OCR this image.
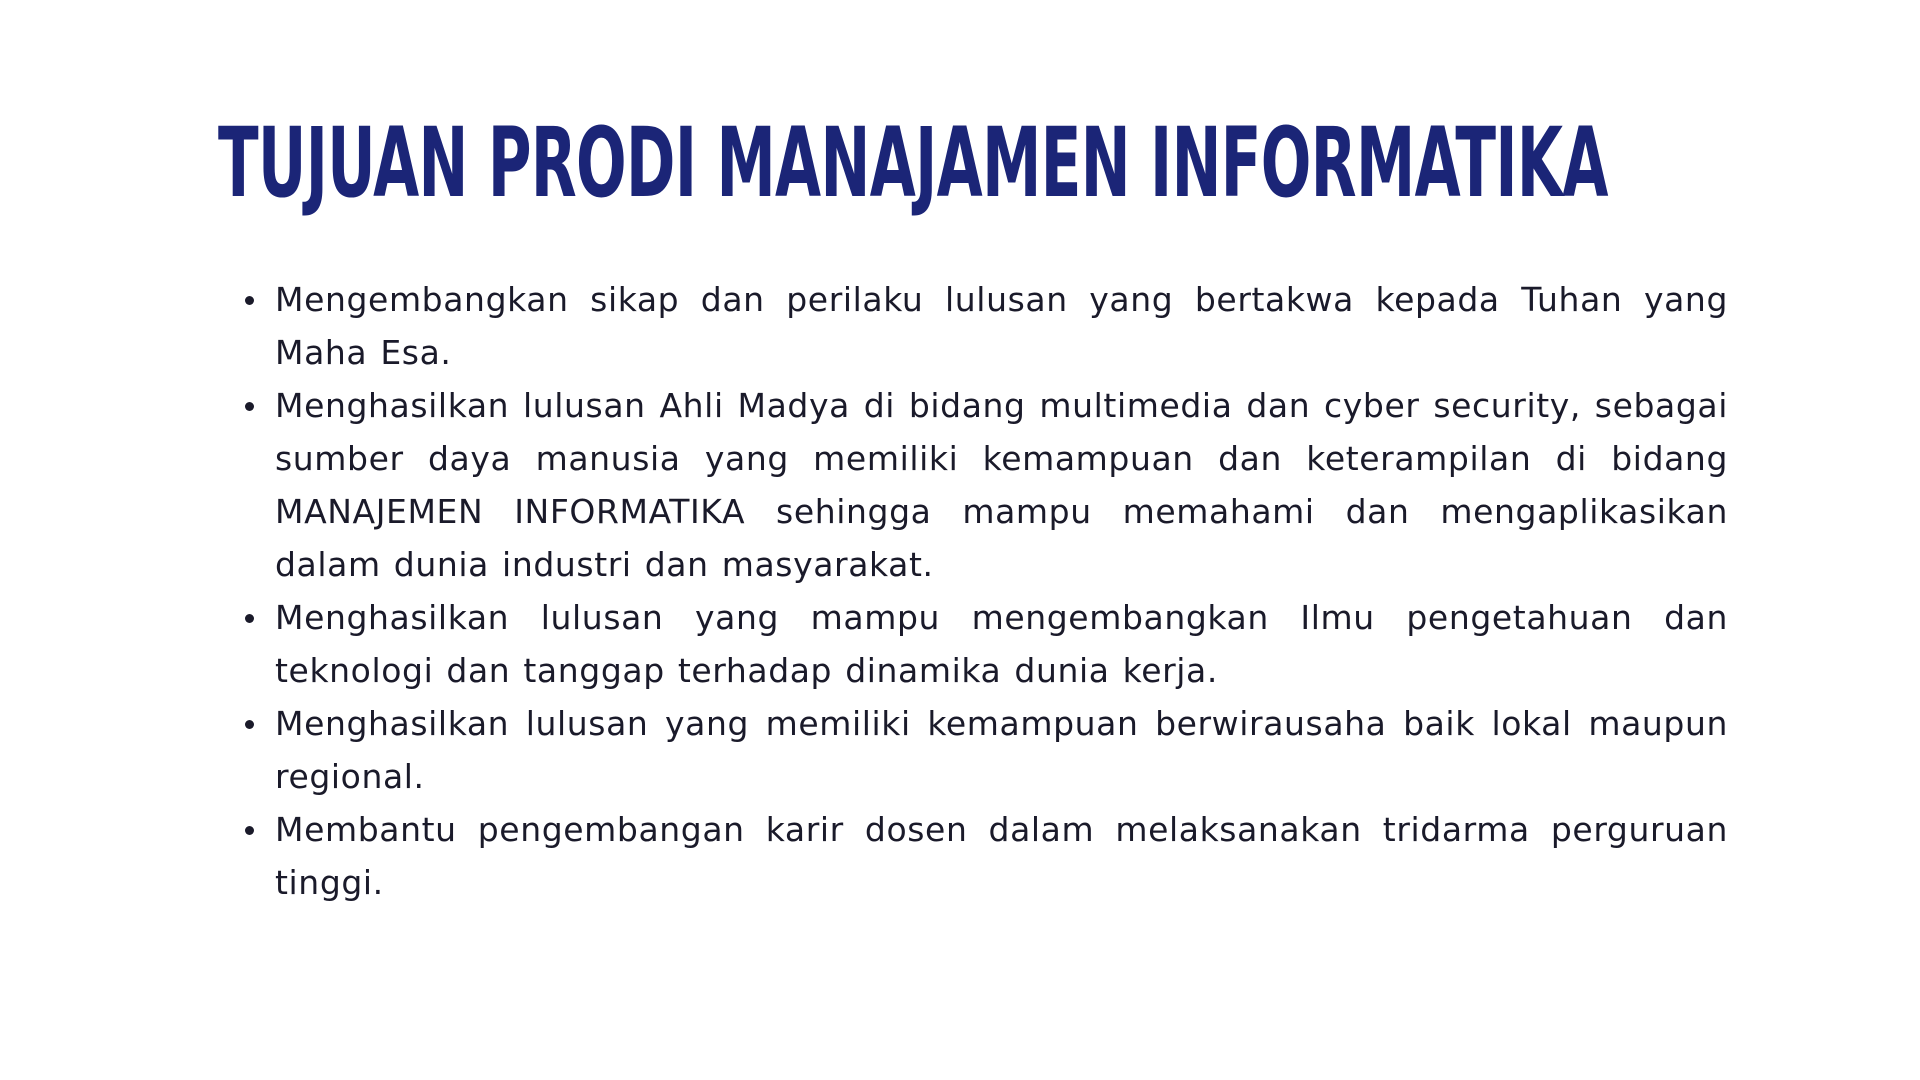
TUJUAN PRODI MANAJAMEN INFORMATIKA
Mengembangkan sikap dan perilaku lulusan yang bertakwa kepada Tuhan yang Maha Esa.
Menghasilkan lulusan Ahli Madya di bidang multimedia dan cyber security, sebagai sumber daya manusia yang memiliki kemampuan dan keterampilan di bidang MANAJEMEN INFORMATIKA sehingga mampu memahami dan mengaplikasikan dalam dunia industri dan masyarakat.
Menghasilkan lulusan yang mampu mengembangkan Ilmu pengetahuan dan teknologi dan tanggap terhadap dinamika dunia kerja.
Menghasilkan lulusan yang memiliki kemampuan berwirausaha baik lokal maupun regional.
Membantu pengembangan karir dosen dalam melaksanakan tridarma perguruan tinggi.
